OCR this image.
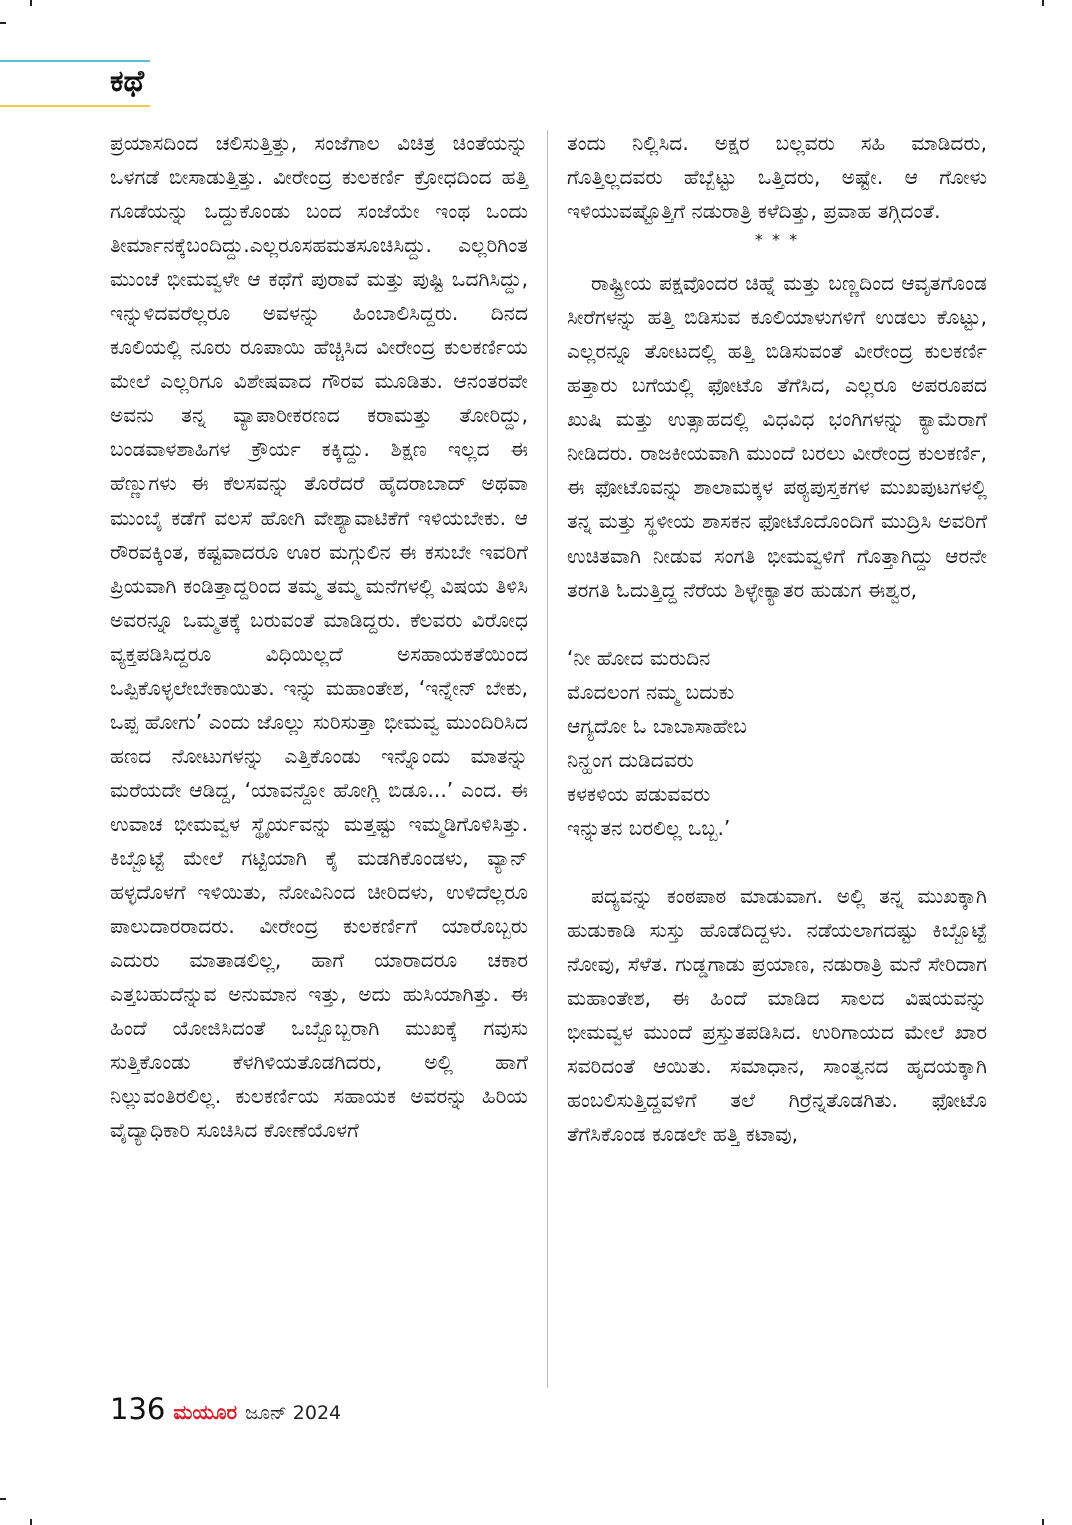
ಕಥೆ

ಪ್ರಯಾಸದಿಂದ ಚಲಿಸುತ್ತಿತ್ತು, ಸಂಜೆಗಾಲ ವಿಚಿತ್ರ ಚಿಂತೆಯನ್ನು ಒಳಗಡೆ ಬೀಸಾಡುತ್ತಿತ್ತು. ವೀರೇಂದ್ರ ಕುಲಕರ್ಣಿ ಕ್ರೋಧದಿಂದ ಹತ್ತಿ ಗೂಡೆಯನ್ನು ಒದ್ದುಕೊಂಡು ಬಂದ ಸಂಜೆಯೇ ಇಂಥ ಒಂದು ತೀರ್ಮಾನಕ್ಕೆಬಂದಿದ್ದು.ಎಲ್ಲರೂಸಹಮತಸೂಚಿಸಿದ್ದು. ಎಲ್ಲರಿಗಿಂತ ಮುಂಚೆ ಭೀಮವ್ವಳೇ ಆ ಕಥೆಗೆ ಪುರಾವೆ ಮತ್ತು ಪುಷ್ಟಿ ಒದಗಿಸಿದ್ದು, ಇನ್ನುಳಿದವರೆಲ್ಲರೂ ಅವಳನ್ನು ಹಿಂಬಾಲಿಸಿದ್ದರು. ದಿನದ ಕೂಲಿಯಲ್ಲಿ ನೂರು ರೂಪಾಯಿ ಹೆಚ್ಚಿಸಿದ ವೀರೇಂದ್ರ ಕುಲಕರ್ಣಿಯ ಮೇಲೆ ಎಲ್ಲರಿಗೂ ವಿಶೇಷವಾದ ಗೌರವ ಮೂಡಿತು. ಆನಂತರವೇ ಅವನು ತನ್ನ ವ್ಯಾಪಾರೀಕರಣದ ಕರಾಮತ್ತು ತೋರಿದ್ದು, ಬಂಡವಾಳಶಾಹಿಗಳ ಕ್ರೌರ್ಯ ಕಕ್ಕಿದ್ದು. ಶಿಕ್ಷಣ ಇಲ್ಲದ ಈ ಹೆಣ್ಣುಗಳು ಈ ಕೆಲಸವನ್ನು ತೊರೆದರೆ ಹೈದರಾಬಾದ್ ಅಥವಾ ಮುಂಬೈ ಕಡೆಗೆ ವಲಸೆ ಹೋಗಿ ವೇಶ್ಯಾವಾಟಿಕೆಗೆ ಇಳಿಯಬೇಕು. ಆ ರೌರವಕ್ಕಿಂತ, ಕಷ್ಟವಾದರೂ ಊರ ಮಗ್ಗುಲಿನ ಈ ಕಸುಬೇ ಇವರಿಗೆ ಪ್ರಿಯವಾಗಿ ಕಂಡಿತ್ತಾದ್ದರಿಂದ ತಮ್ಮ ತಮ್ಮ ಮನೆಗಳಲ್ಲಿ ವಿಷಯ ತಿಳಿಸಿ ಅವರನ್ನೂ ಒಮ್ಮತಕ್ಕೆ ಬರುವಂತೆ ಮಾಡಿದ್ದರು. ಕೆಲವರು ವಿರೋಧ ವ್ಯಕ್ತಪಡಿಸಿದ್ದರೂ ವಿಧಿಯಿಲ್ಲದೆ ಅಸಹಾಯಕತೆಯಿಂದ ಒಪ್ಪಿಕೊಳ್ಳಲೇಬೇಕಾಯಿತು. ಇನ್ನು ಮಹಾಂತೇಶ, ‘ಇನ್ನೇನ್ ಬೇಕು, ಒಪ್ಪ ಹೋಗು’ ಎಂದು ಜೊಲ್ಲು ಸುರಿಸುತ್ತಾ ಭೀಮವ್ವ ಮುಂದಿರಿಸಿದ ಹಣದ ನೋಟುಗಳನ್ನು ಎತ್ತಿಕೊಂಡು ಇನ್ನೊಂದು ಮಾತನ್ನು ಮರೆಯದೇ ಆಡಿದ್ದ, ‘ಯಾವನ್ದೋ ಹೋಗ್ಲಿ ಬಿಡೂ...’ ಎಂದ. ಈ ಉವಾಚ ಭೀಮವ್ವಳ ಸ್ಥೈರ್ಯವನ್ನು ಮತ್ತಷ್ಟು ಇಮ್ಮಡಿಗೊಳಿಸಿತ್ತು. ಕಿಬ್ಬೊಟ್ಟೆ ಮೇಲೆ ಗಟ್ಟಿಯಾಗಿ ಕೈ ಮಡಗಿಕೊಂಡಳು, ವ್ಯಾನ್ ಹಳ್ಳದೊಳಗೆ ಇಳಿಯಿತು, ನೋವಿನಿಂದ ಚೀರಿದಳು, ಉಳಿದೆಲ್ಲರೂ ಪಾಲುದಾರರಾದರು. ವೀರೇಂದ್ರ ಕುಲಕರ್ಣಿಗೆ ಯಾರೊಬ್ಬರು ಎದುರು ಮಾತಾಡಲಿಲ್ಲ, ಹಾಗೆ ಯಾರಾದರೂ ಚಕಾರ ಎತ್ತಬಹುದೆನ್ನುವ ಅನುಮಾನ ಇತ್ತು, ಅದು ಹುಸಿಯಾಗಿತ್ತು. ಈ ಹಿಂದೆ ಯೋಜಿಸಿದಂತೆ ಒಬ್ಬೊಬ್ಬರಾಗಿ ಮುಖಕ್ಕೆ ಗವುಸು ಸುತ್ತಿಕೊಂಡು ಕೆಳಗಿಳಿಯತೊಡಗಿದರು, ಅಲ್ಲಿ ಹಾಗೆ ನಿಲ್ಲುವಂತಿರಲಿಲ್ಲ. ಕುಲಕರ್ಣಿಯ ಸಹಾಯಕ ಅವರನ್ನು ಹಿರಿಯ ವೈದ್ಯಾಧಿಕಾರಿ ಸೂಚಿಸಿದ ಕೋಣೆಯೊಳಗೆ

ತಂದು ನಿಲ್ಲಿಸಿದ. ಅಕ್ಷರ ಬಲ್ಲವರು ಸಹಿ ಮಾಡಿದರು, ಗೊತ್ತಿಲ್ಲದವರು ಹೆಬ್ಬೆಟ್ಟು ಒತ್ತಿದರು, ಅಷ್ಟೇ. ಆ ಗೋಳು ಇಳಿಯುವಷ್ಟೊತ್ತಿಗೆ ನಡುರಾತ್ರಿ ಕಳೆದಿತ್ತು, ಪ್ರವಾಹ ತಗ್ಗಿದಂತೆ.

* * *

ರಾಷ್ಟ್ರೀಯ ಪಕ್ಷವೊಂದರ ಚಿಹ್ನೆ ಮತ್ತು ಬಣ್ಣದಿಂದ ಆವೃತಗೊಂಡ ಸೀರೆಗಳನ್ನು ಹತ್ತಿ ಬಿಡಿಸುವ ಕೂಲಿಯಾಳುಗಳಿಗೆ ಉಡಲು ಕೊಟ್ಟು, ಎಲ್ಲರನ್ನೂ ತೋಟದಲ್ಲಿ ಹತ್ತಿ ಬಿಡಿಸುವಂತೆ ವೀರೇಂದ್ರ ಕುಲಕರ್ಣಿ ಹತ್ತಾರು ಬಗೆಯಲ್ಲಿ ಫೋಟೊ ತೆಗೆಸಿದ, ಎಲ್ಲರೂ ಅಪರೂಪದ ಖುಷಿ ಮತ್ತು ಉತ್ಸಾಹದಲ್ಲಿ ವಿಧವಿಧ ಭಂಗಿಗಳನ್ನು ಕ್ಯಾಮೆರಾಗೆ ನೀಡಿದರು. ರಾಜಕೀಯವಾಗಿ ಮುಂದೆ ಬರಲು ವೀರೇಂದ್ರ ಕುಲಕರ್ಣಿ, ಈ ಫೋಟೊವನ್ನು ಶಾಲಾಮಕ್ಕಳ ಪಠ್ಯಪುಸ್ತಕಗಳ ಮುಖಪುಟಗಳಲ್ಲಿ ತನ್ನ ಮತ್ತು ಸ್ಥಳೀಯ ಶಾಸಕನ ಫೋಟೊದೊಂದಿಗೆ ಮುದ್ರಿಸಿ ಅವರಿಗೆ ಉಚಿತವಾಗಿ ನೀಡುವ ಸಂಗತಿ ಭೀಮವ್ವಳಿಗೆ ಗೊತ್ತಾಗಿದ್ದು ಆರನೇ ತರಗತಿ ಓದುತ್ತಿದ್ದ ನೆರೆಯ ಶಿಳ್ಳೇಕ್ಯಾತರ ಹುಡುಗ ಈಶ್ವರ,

‘ನೀ ಹೋದ ಮರುದಿನ
ಮೊದಲಂಗ ನಮ್ಮ ಬದುಕು
ಆಗ್ಯದೋ ಓ ಬಾಬಾಸಾಹೇಬ
ನಿನ್ಹಂಗ ದುಡಿದವರು
ಕಳಕಳಿಯ ಪಡುವವರು
ಇನ್ನುತನ ಬರಲಿಲ್ಲ ಒಬ್ಬ.’

ಪದ್ಯವನ್ನು ಕಂಠಪಾಠ ಮಾಡುವಾಗ. ಅಲ್ಲಿ ತನ್ನ ಮುಖಕ್ಕಾಗಿ ಹುಡುಕಾಡಿ ಸುಸ್ತು ಹೊಡೆದಿದ್ದಳು. ನಡೆಯಲಾಗದಷ್ಟು ಕಿಬ್ಬೊಟ್ಟೆ ನೋವು, ಸೆಳೆತ. ಗುಡ್ಡಗಾಡು ಪ್ರಯಾಣ, ನಡುರಾತ್ರಿ ಮನೆ ಸೇರಿದಾಗ ಮಹಾಂತೇಶ, ಈ ಹಿಂದೆ ಮಾಡಿದ ಸಾಲದ ವಿಷಯವನ್ನು ಭೀಮವ್ವಳ ಮುಂದೆ ಪ್ರಸ್ತುತಪಡಿಸಿದ. ಉರಿಗಾಯದ ಮೇಲೆ ಖಾರ ಸವರಿದಂತೆ ಆಯಿತು. ಸಮಾಧಾನ, ಸಾಂತ್ವನದ ಹೃದಯಕ್ಕಾಗಿ ಹಂಬಲಿಸುತ್ತಿದ್ದವಳಿಗೆ ತಲೆ ಗಿರ್ರೆನ್ನತೊಡಗಿತು. ಫೋಟೊ ತೆಗೆಸಿಕೊಂಡ ಕೂಡಲೇ ಹತ್ತಿ ಕಟಾವು,

136 ಮಯೂರ ಜೂನ್ 2024
